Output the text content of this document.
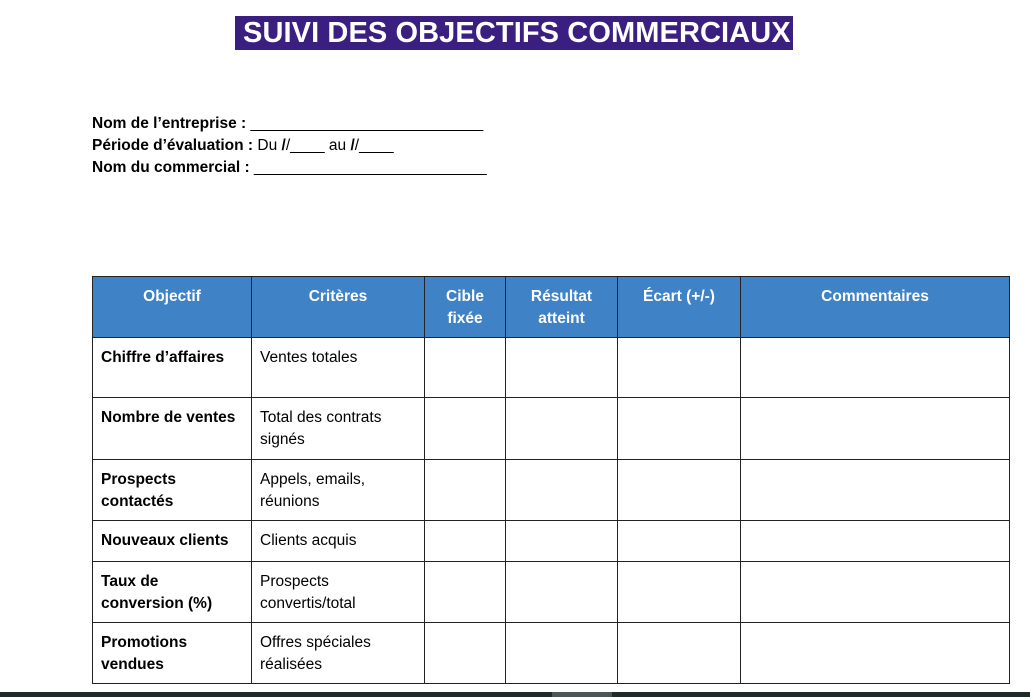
SUIVI DES OBJECTIFS COMMERCIAUX
Nom de l’entreprise : ___________________________
Période d’évaluation : Du //____ au //____
Nom du commercial : ___________________________
Objectif	Critères	Cible fixée	Résultat atteint	Écart (+/-)	Commentaires
Chiffre d’affaires	Ventes totales				
Nombre de ventes	Total des contrats signés				
Prospects contactés	Appels, emails, réunions				
Nouveaux clients	Clients acquis				
Taux de conversion (%)	Prospects convertis/total				
Promotions vendues	Offres spéciales réalisées				
